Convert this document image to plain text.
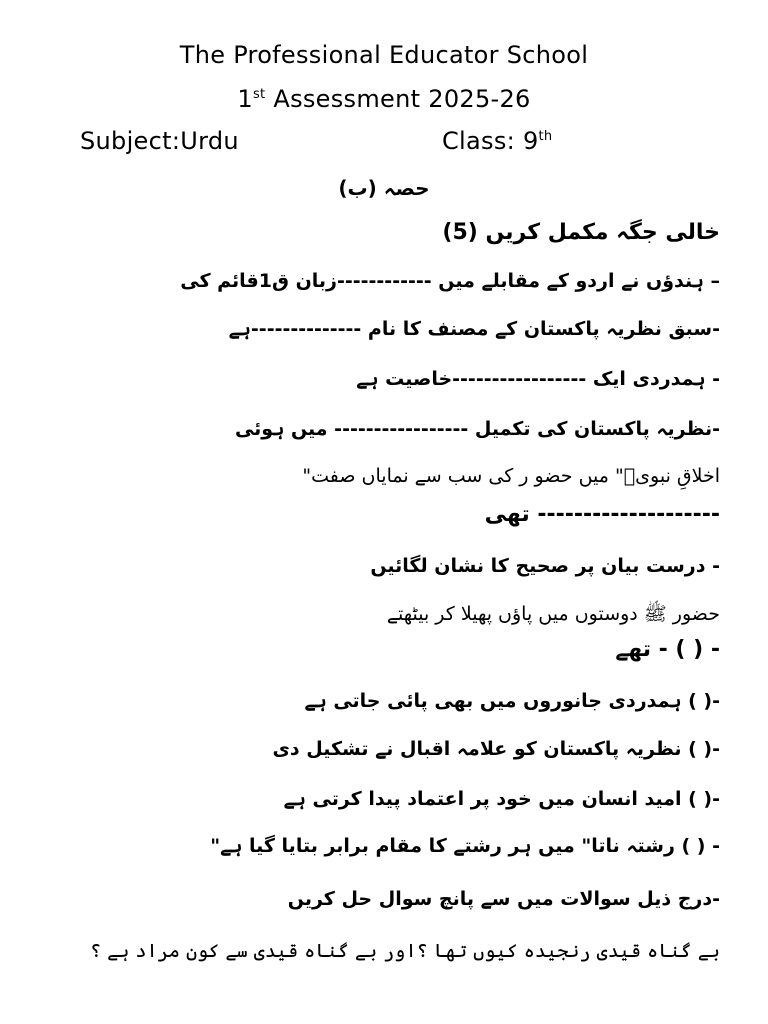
The Professional Educator School
1st Assessment 2025-26
Subject:Urdu	Class: 9th
حصہ (ب)
خالی جگہ مکمل کریں (5)
– ہندؤں نے اردو کے مقابلے میں ------------زبان ق1قائم کی
-سبق نظریہ پاکستان کے مصنف کا نام --------------ہے
- ہمدردی ایک -----------------خاصیت ہے
-نظریہ پاکستان کی تکمیل ----------------- میں ہوئی
اخلاقِ نبویؐ" میں حضو ر کی سب سے نمایاں صفت"
-------------------- تھی
- درست بیان پر صحیح کا نشان لگائیں
حضور ﷺ دوستوں میں پاؤں پھیلا کر بیٹھتے
- ( ) - تھے
-( ) ہمدردی جانوروں میں بھی پائی جاتی ہے
-( ) نظریہ پاکستان کو علامہ اقبال نے تشکیل دی
-( ) امید انسان میں خود پر اعتماد پیدا کرتی ہے
- ( ) رشتہ ناتا" میں ہر رشتے کا مقام برابر بتایا گیا ہے"
-درج ذیل سوالات میں سے پانچ سوال حل کریں
بے گناہ قیدی رنجیدہ کیوں تھا ؟اور بے گناہ قیدی سے کون مراد ہے ؟
